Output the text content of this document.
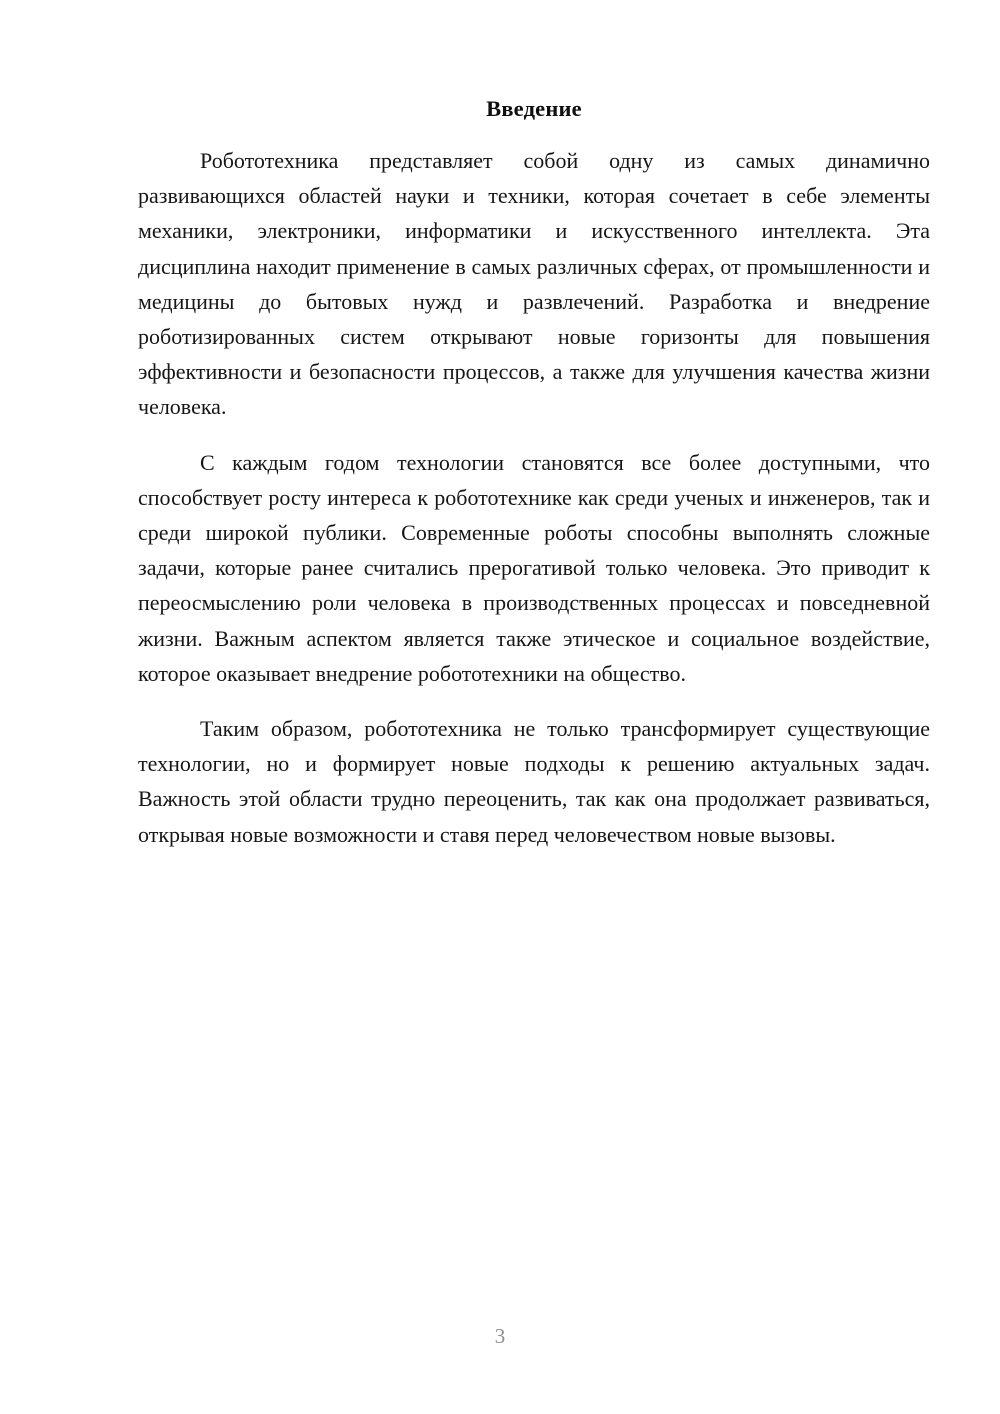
Введение

Робототехника представляет собой одну из самых динамично развивающихся областей науки и техники, которая сочетает в себе элементы механики, электроники, информатики и искусственного интеллекта. Эта дисциплина находит применение в самых различных сферах, от промышленности и медицины до бытовых нужд и развлечений. Разработка и внедрение роботизированных систем открывают новые горизонты для повышения эффективности и безопасности процессов, а также для улучшения качества жизни человека.

С каждым годом технологии становятся все более доступными, что способствует росту интереса к робототехнике как среди ученых и инженеров, так и среди широкой публики. Современные роботы способны выполнять сложные задачи, которые ранее считались прерогативой только человека. Это приводит к переосмыслению роли человека в производственных процессах и повседневной жизни. Важным аспектом является также этическое и социальное воздействие, которое оказывает внедрение робототехники на общество.

Таким образом, робототехника не только трансформирует существующие технологии, но и формирует новые подходы к решению актуальных задач. Важность этой области трудно переоценить, так как она продолжает развиваться, открывая новые возможности и ставя перед человечеством новые вызовы.

3
